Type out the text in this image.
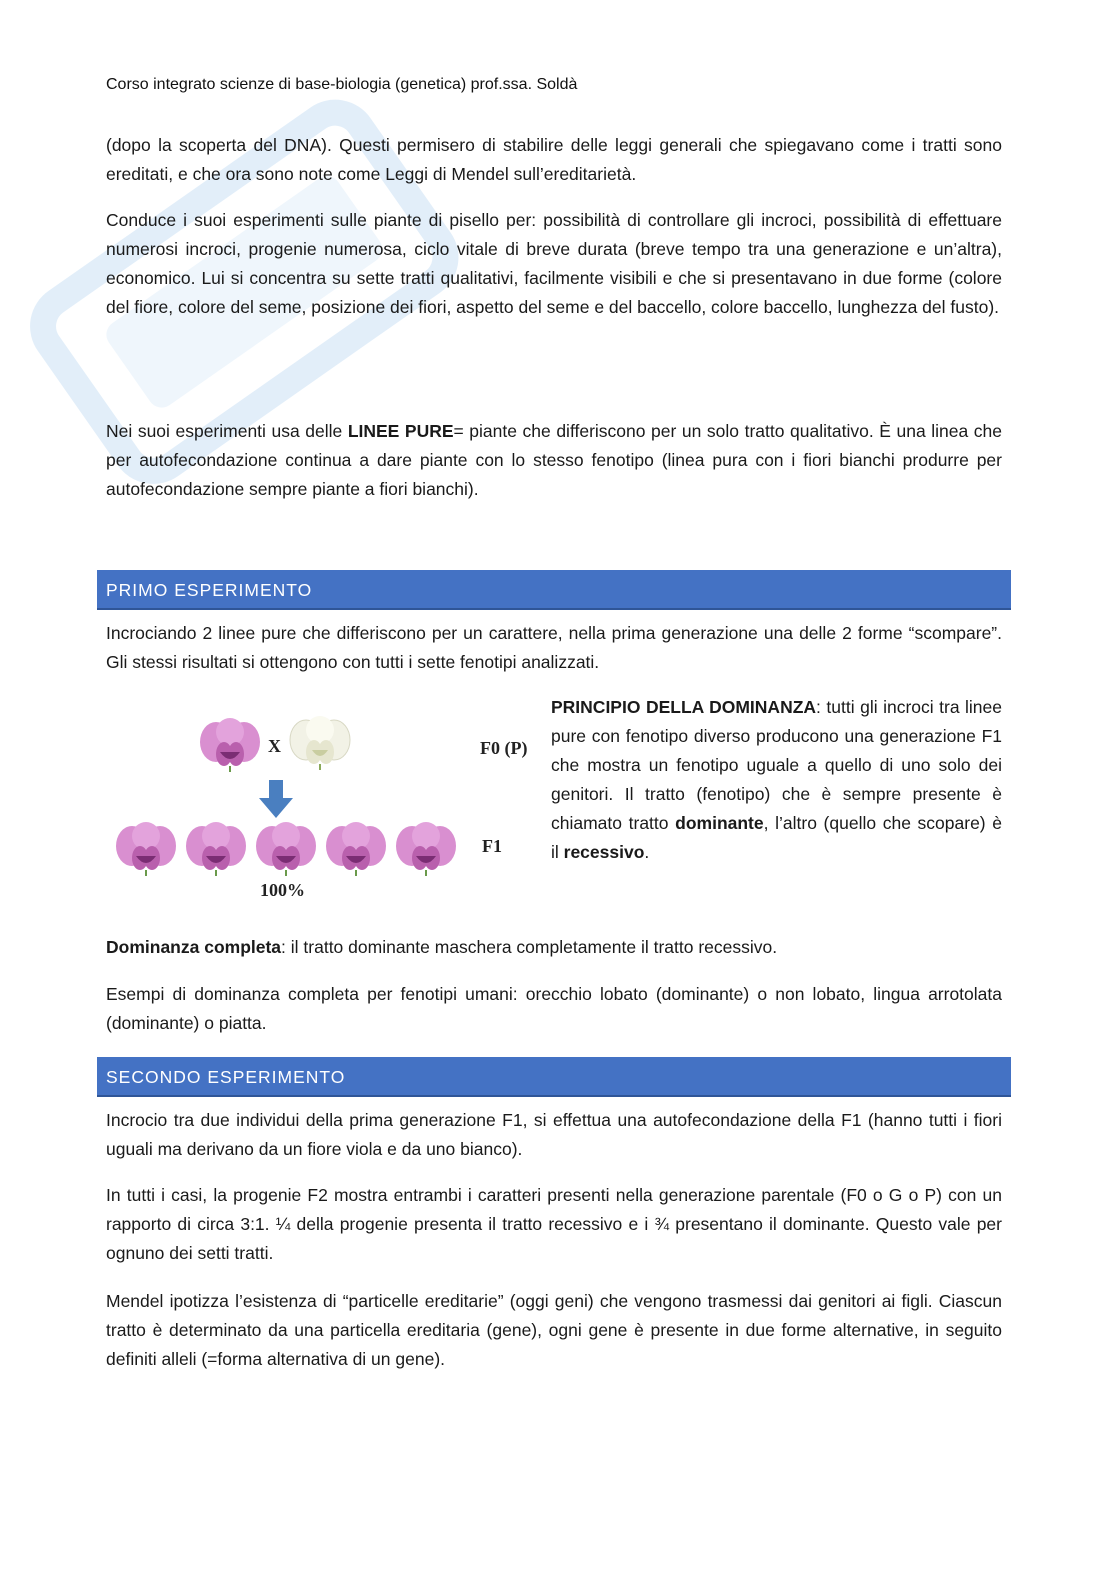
Corso integrato scienze di base-biologia (genetica) prof.ssa. Soldà

(dopo la scoperta del DNA). Questi permisero di stabilire delle leggi generali che spiegavano come i tratti sono ereditati, e che ora sono note come Leggi di Mendel sull’ereditarietà.

Conduce i suoi esperimenti sulle piante di pisello per: possibilità di controllare gli incroci, possibilità di effettuare numerosi incroci, progenie numerosa, ciclo vitale di breve durata (breve tempo tra una generazione e un’altra), economico. Lui si concentra su sette tratti qualitativi, facilmente visibili e che si presentavano in due forme (colore del fiore, colore del seme, posizione dei fiori, aspetto del seme e del baccello, colore baccello, lunghezza del fusto).

Nei suoi esperimenti usa delle LINEE PURE= piante che differiscono per un solo tratto qualitativo. È una linea che per autofecondazione continua a dare piante con lo stesso fenotipo (linea pura con i fiori bianchi produrre per autofecondazione sempre piante a fiori bianchi).

PRIMO ESPERIMENTO

Incrociando 2 linee pure che differiscono per un carattere, nella prima generazione una delle 2 forme “scompare”. Gli stessi risultati si ottengono con tutti i sette fenotipi analizzati.

X	F0 (P)
F1
100%

PRINCIPIO DELLA DOMINANZA: tutti gli incroci tra linee pure con fenotipo diverso producono una generazione F1 che mostra un fenotipo uguale a quello di uno solo dei genitori. Il tratto (fenotipo) che è sempre presente è chiamato tratto dominante, l’altro (quello che scopare) è il recessivo.

Dominanza completa: il tratto dominante maschera completamente il tratto recessivo.

Esempi di dominanza completa per fenotipi umani: orecchio lobato (dominante) o non lobato, lingua arrotolata (dominante) o piatta.

SECONDO ESPERIMENTO

Incrocio tra due individui della prima generazione F1, si effettua una autofecondazione della F1 (hanno tutti i fiori uguali ma derivano da un fiore viola e da uno bianco).

In tutti i casi, la progenie F2 mostra entrambi i caratteri presenti nella generazione parentale (F0 o G o P) con un rapporto di circa 3:1. ¼ della progenie presenta il tratto recessivo e i ¾ presentano il dominante. Questo vale per ognuno dei setti tratti.

Mendel ipotizza l’esistenza di “particelle ereditarie” (oggi geni) che vengono trasmessi dai genitori ai figli. Ciascun tratto è determinato da una particella ereditaria (gene), ogni gene è presente in due forme alternative, in seguito definiti alleli (=forma alternativa di un gene).
